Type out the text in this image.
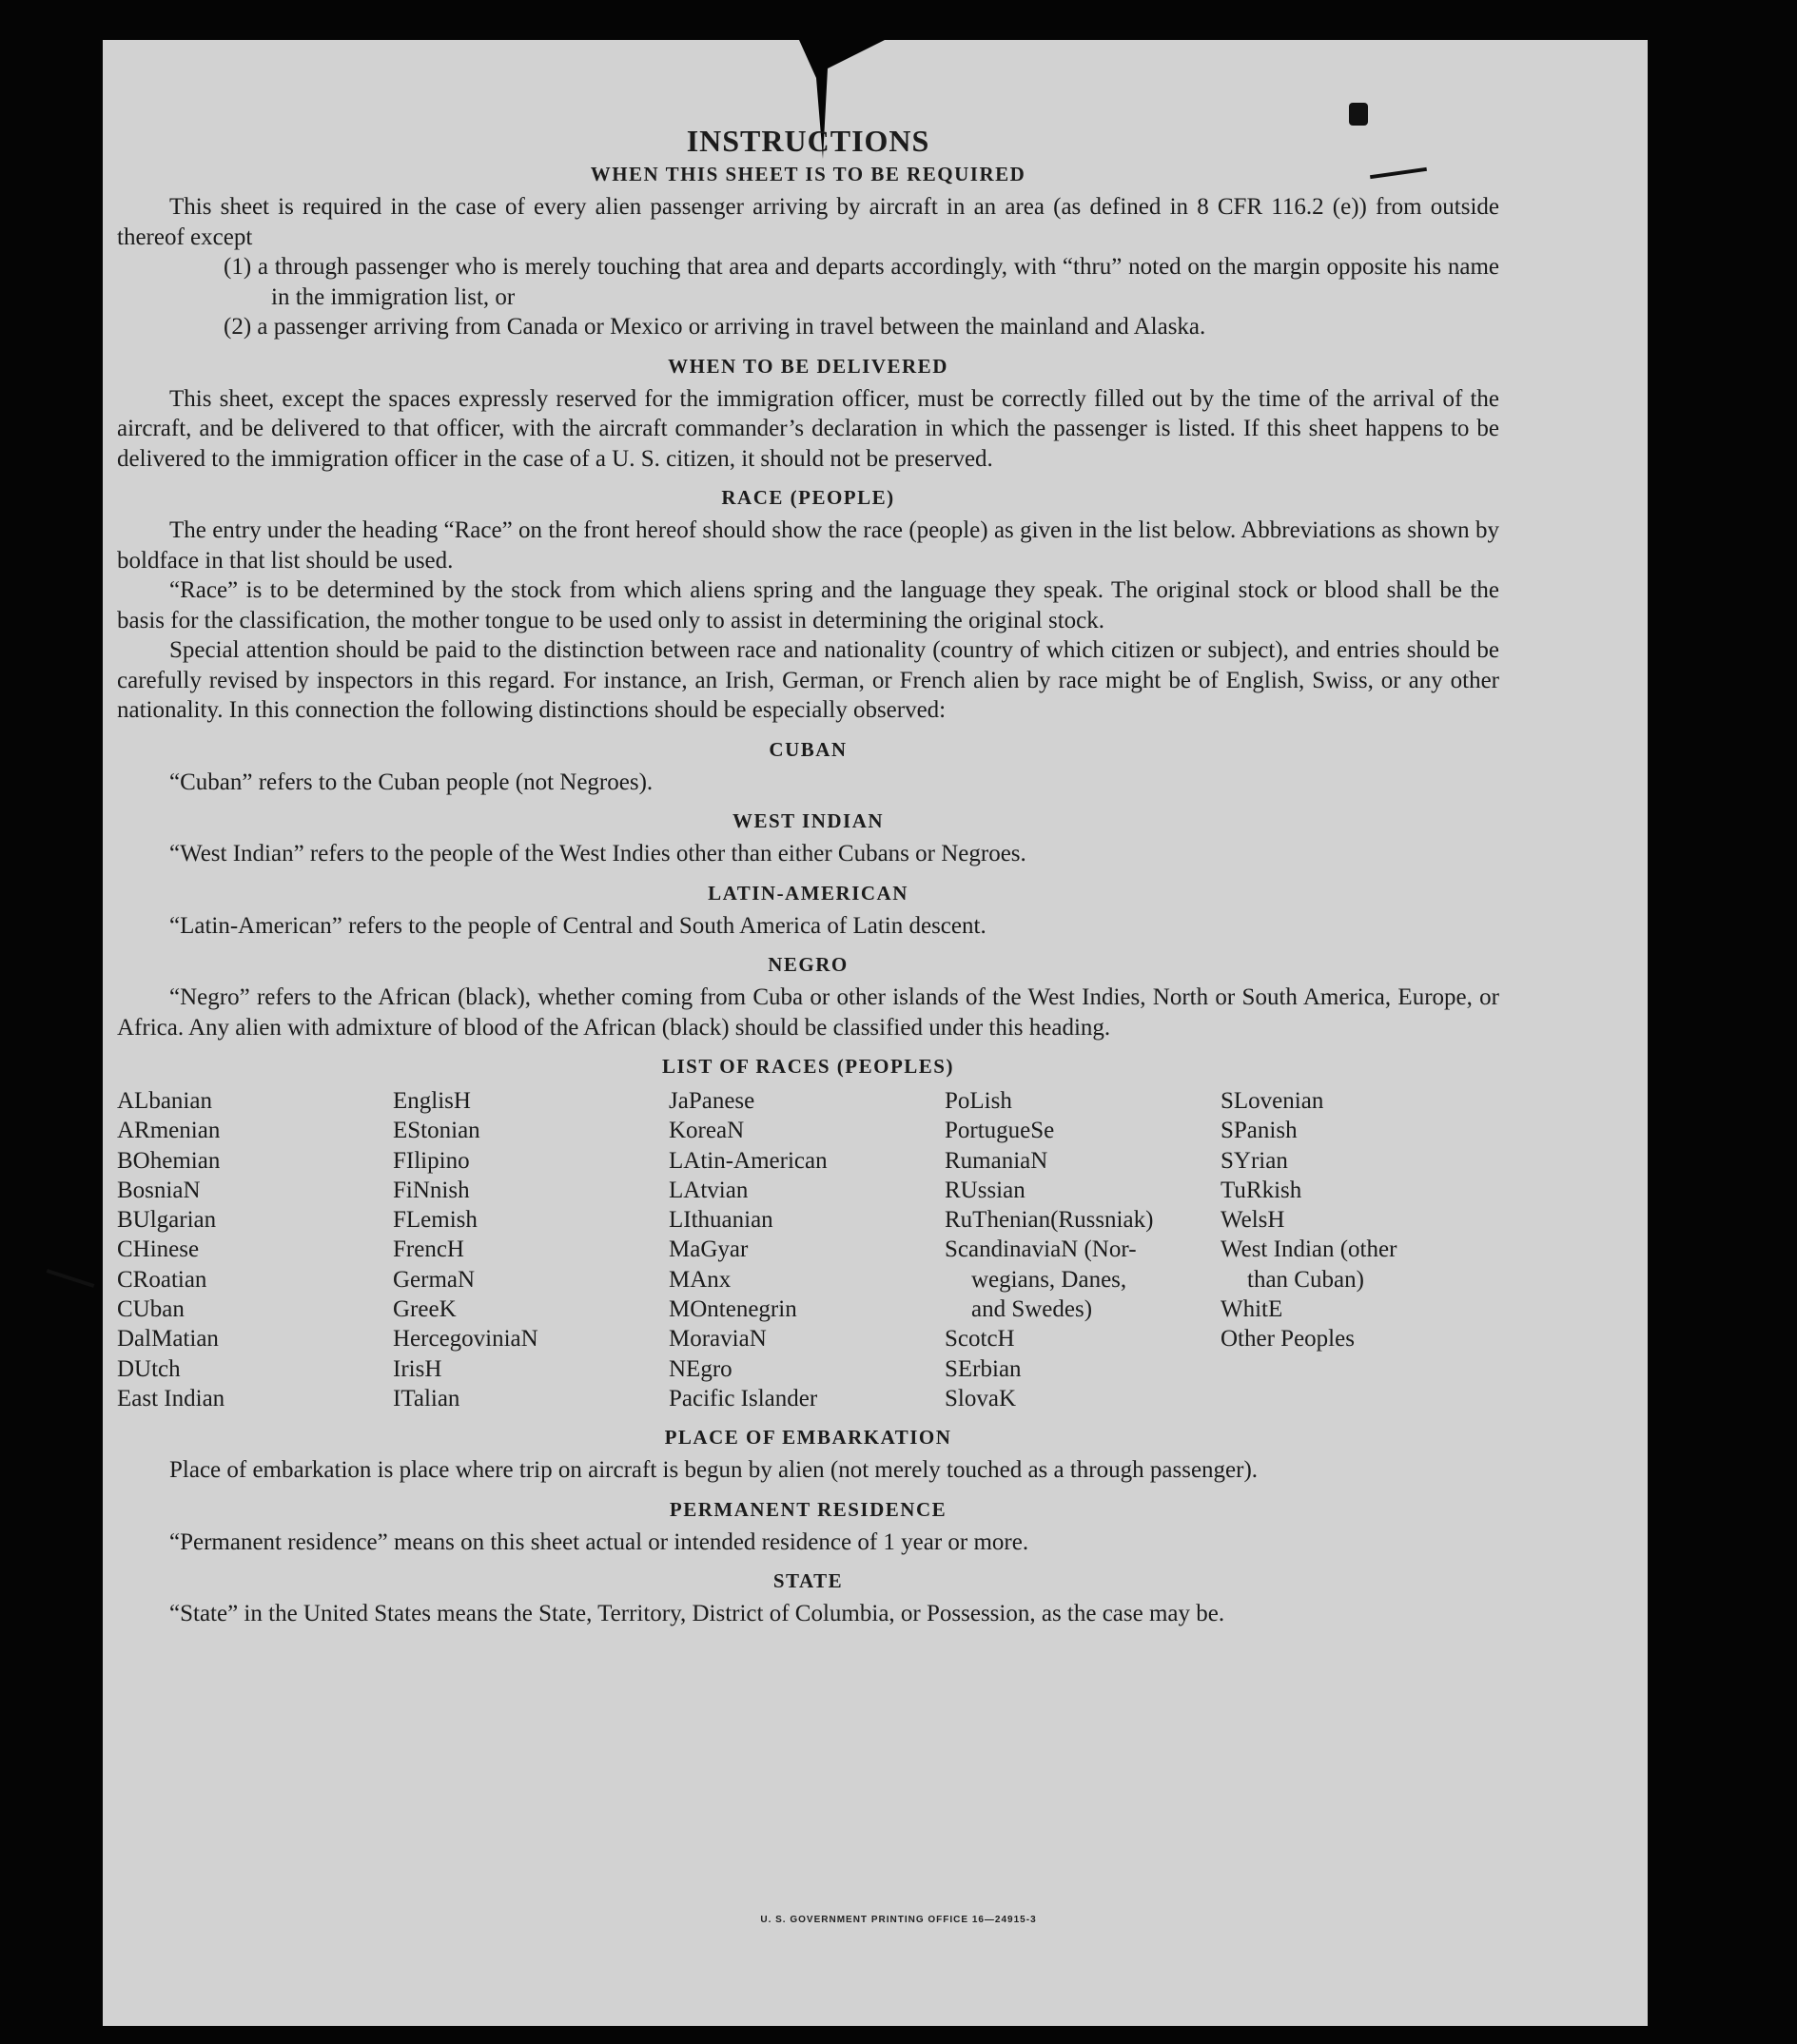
INSTRUCTIONS
WHEN THIS SHEET IS TO BE REQUIRED

This sheet is required in the case of every alien passenger arriving by aircraft in an area (as defined in 8 CFR 116.2 (e)) from outside thereof except

(1) a through passenger who is merely touching that area and departs accordingly, with “thru” noted on the margin opposite his name in the immigration list, or
(2) a passenger arriving from Canada or Mexico or arriving in travel between the mainland and Alaska.
WHEN TO BE DELIVERED

This sheet, except the spaces expressly reserved for the immigration officer, must be correctly filled out by the time of the arrival of the aircraft, and be delivered to that officer, with the aircraft commander’s declaration in which the passenger is listed. If this sheet happens to be delivered to the immigration officer in the case of a U. S. citizen, it should not be preserved.

RACE (PEOPLE)

The entry under the heading “Race” on the front hereof should show the race (people) as given in the list below. Abbreviations as shown by boldface in that list should be used.

“Race” is to be determined by the stock from which aliens spring and the language they speak. The original stock or blood shall be the basis for the classification, the mother tongue to be used only to assist in determining the original stock.

Special attention should be paid to the distinction between race and nationality (country of which citizen or subject), and entries should be carefully revised by inspectors in this regard. For instance, an Irish, German, or French alien by race might be of English, Swiss, or any other nationality. In this connection the following distinctions should be especially observed:

CUBAN

“Cuban” refers to the Cuban people (not Negroes).

WEST INDIAN

“West Indian” refers to the people of the West Indies other than either Cubans or Negroes.

LATIN-AMERICAN

“Latin-American” refers to the people of Central and South America of Latin descent.

NEGRO

“Negro” refers to the African (black), whether coming from Cuba or other islands of the West Indies, North or South America, Europe, or Africa. Any alien with admixture of blood of the African (black) should be classified under this heading.

LIST OF RACES (PEOPLES)
ALbanian
ARmenian
BOhemian
BosniaN
BUlgarian
CHinese
CRoatian
CUban
DalMatian
DUtch
East Indian
EnglisH
EStonian
FIlipino
FiNnish
FLemish
FrencH
GermaN
GreeK
HercegoviniaN
IrisH
ITalian
JaPanese
KoreaN
LAtin-American
LAtvian
LIthuanian
MaGyar
MAnx
MOntenegrin
MoraviaN
NEgro
Pacific Islander
PoLish
PortugueSe
RumaniaN
RUssian
RuThenian(Russniak)
ScandinaviaN (Nor-
wegians, Danes,
and Swedes)
ScotcH
SErbian
SlovaK
SLovenian
SPanish
SYrian
TuRkish
WelsH
West Indian (other
than Cuban)
WhitE
Other Peoples
PLACE OF EMBARKATION

Place of embarkation is place where trip on aircraft is begun by alien (not merely touched as a through passenger).

PERMANENT RESIDENCE

“Permanent residence” means on this sheet actual or intended residence of 1 year or more.

STATE

“State” in the United States means the State, Territory, District of Columbia, or Possession, as the case may be.

U. S. GOVERNMENT PRINTING OFFICE 16—24915-3
